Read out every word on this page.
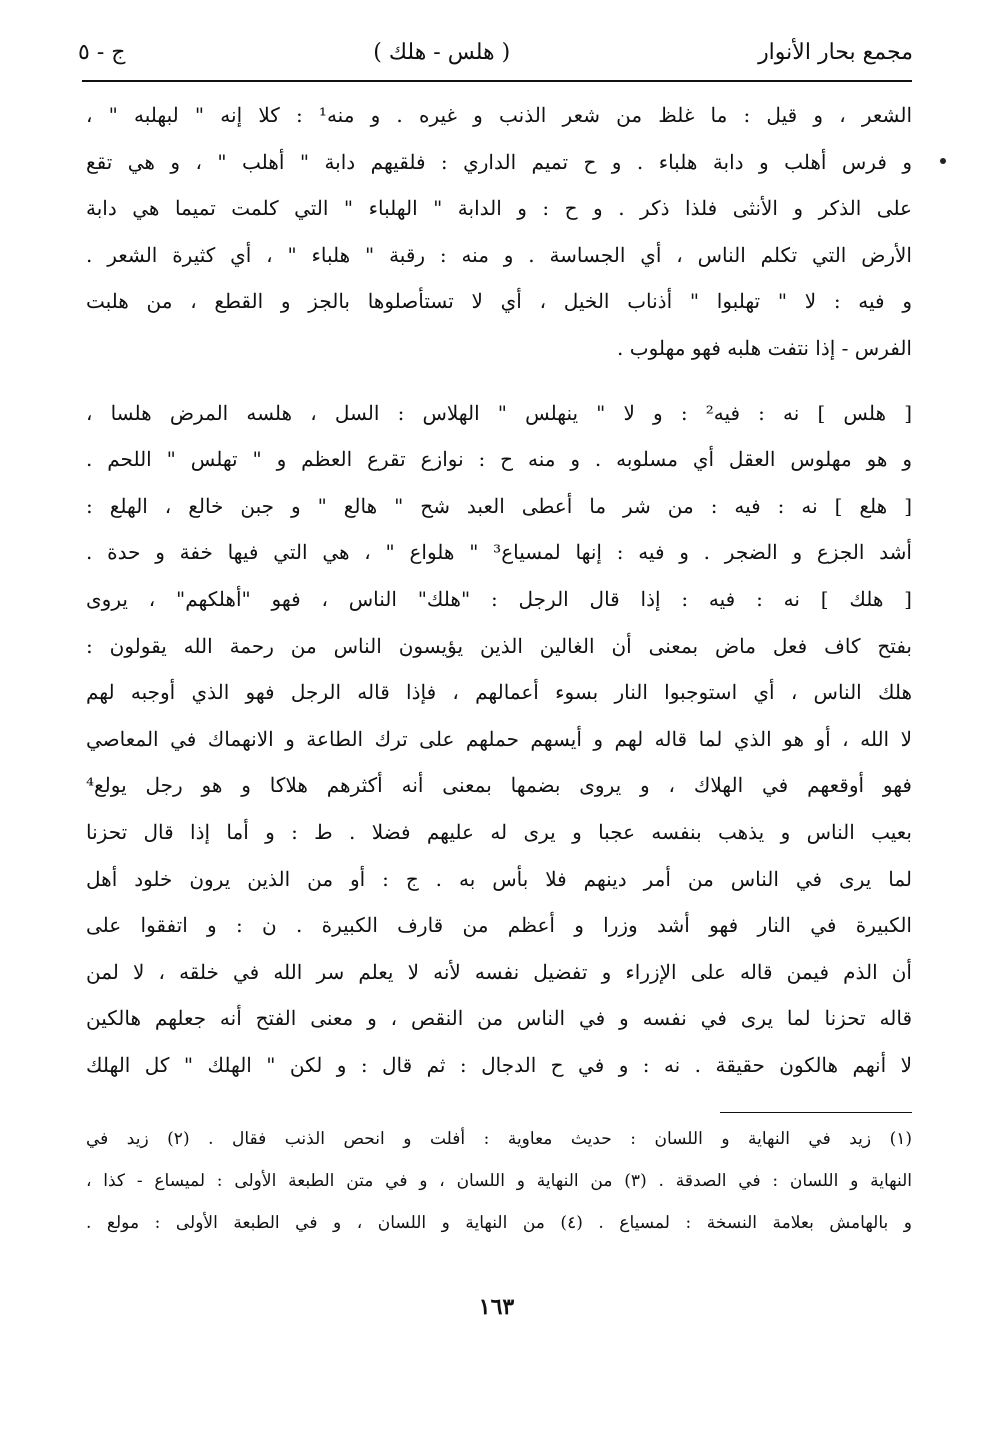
مجمع بحار الأنوار
( هلس - هلك )
ج - ٥
الشعر ، و قيل : ما غلظ من شعر الذنب و غيره . و منه¹ : كلا إنه " لبهلبه " ،
و فرس أهلب و دابة هلباء . و ح تميم الداري : فلقيهم دابة " أهلب " ، و هي تقع
على الذكر و الأنثى فلذا ذكر . و ح : و الدابة " الهلباء " التي كلمت تميما هي دابة
الأرض التي تكلم الناس ، أي الجساسة . و منه : رقبة " هلباء " ، أي كثيرة الشعر .
و فيه : لا " تهلبوا " أذناب الخيل ، أي لا تستأصلوها بالجز و القطع ، من هلبت
الفرس - إذا نتفت هلبه فهو مهلوب .
[ هلس ] نه : فيه² : و لا " ينهلس " الهلاس : السل ، هلسه المرض هلسا ،
و هو مهلوس العقل أي مسلوبه . و منه ح : نوازع تقرع العظم و " تهلس " اللحم .
[ هلع ] نه : فيه : من شر ما أعطى العبد شح " هالع " و جبن خالع ، الهلع :
أشد الجزع و الضجر . و فيه : إنها لمسياع³ " هلواع " ، هي التي فيها خفة و حدة .
[ هلك ] نه : فيه : إذا قال الرجل : "هلك" الناس ، فهو "أهلكهم" ، يروى
بفتح كاف فعل ماض بمعنى أن الغالين الذين يؤيسون الناس من رحمة الله يقولون :
هلك الناس ، أي استوجبوا النار بسوء أعمالهم ، فإذا قاله الرجل فهو الذي أوجبه لهم
لا الله ، أو هو الذي لما قاله لهم و أيسهم حملهم على ترك الطاعة و الانهماك في المعاصي
فهو أوقعهم في الهلاك ، و يروى بضمها بمعنى أنه أكثرهم هلاكا و هو رجل يولع⁴
بعيب الناس و يذهب بنفسه عجبا و يرى له عليهم فضلا . ط : و أما إذا قال تحزنا
لما يرى في الناس من أمر دينهم فلا بأس به . ج : أو من الذين يرون خلود أهل
الكبيرة في النار فهو أشد وزرا و أعظم من قارف الكبيرة . ن : و اتفقوا على
أن الذم فيمن قاله على الإزراء و تفضيل نفسه لأنه لا يعلم سر الله في خلقه ، لا لمن
قاله تحزنا لما يرى في نفسه و في الناس من النقص ، و معنى الفتح أنه جعلهم هالكين
لا أنهم هالكون حقيقة . نه : و في ح الدجال : ثم قال : و لكن " الهلك " كل الهلك
(١) زيد في النهاية و اللسان : حديث معاوية : أفلت و انحص الذنب فقال . (٢) زيد في
النهاية و اللسان : في الصدقة . (٣) من النهاية و اللسان ، و في متن الطبعة الأولى : لميساع - كذا ،
و بالهامش بعلامة النسخة : لمسياع . (٤) من النهاية و اللسان ، و في الطبعة الأولى : مولع .
١٦٣
